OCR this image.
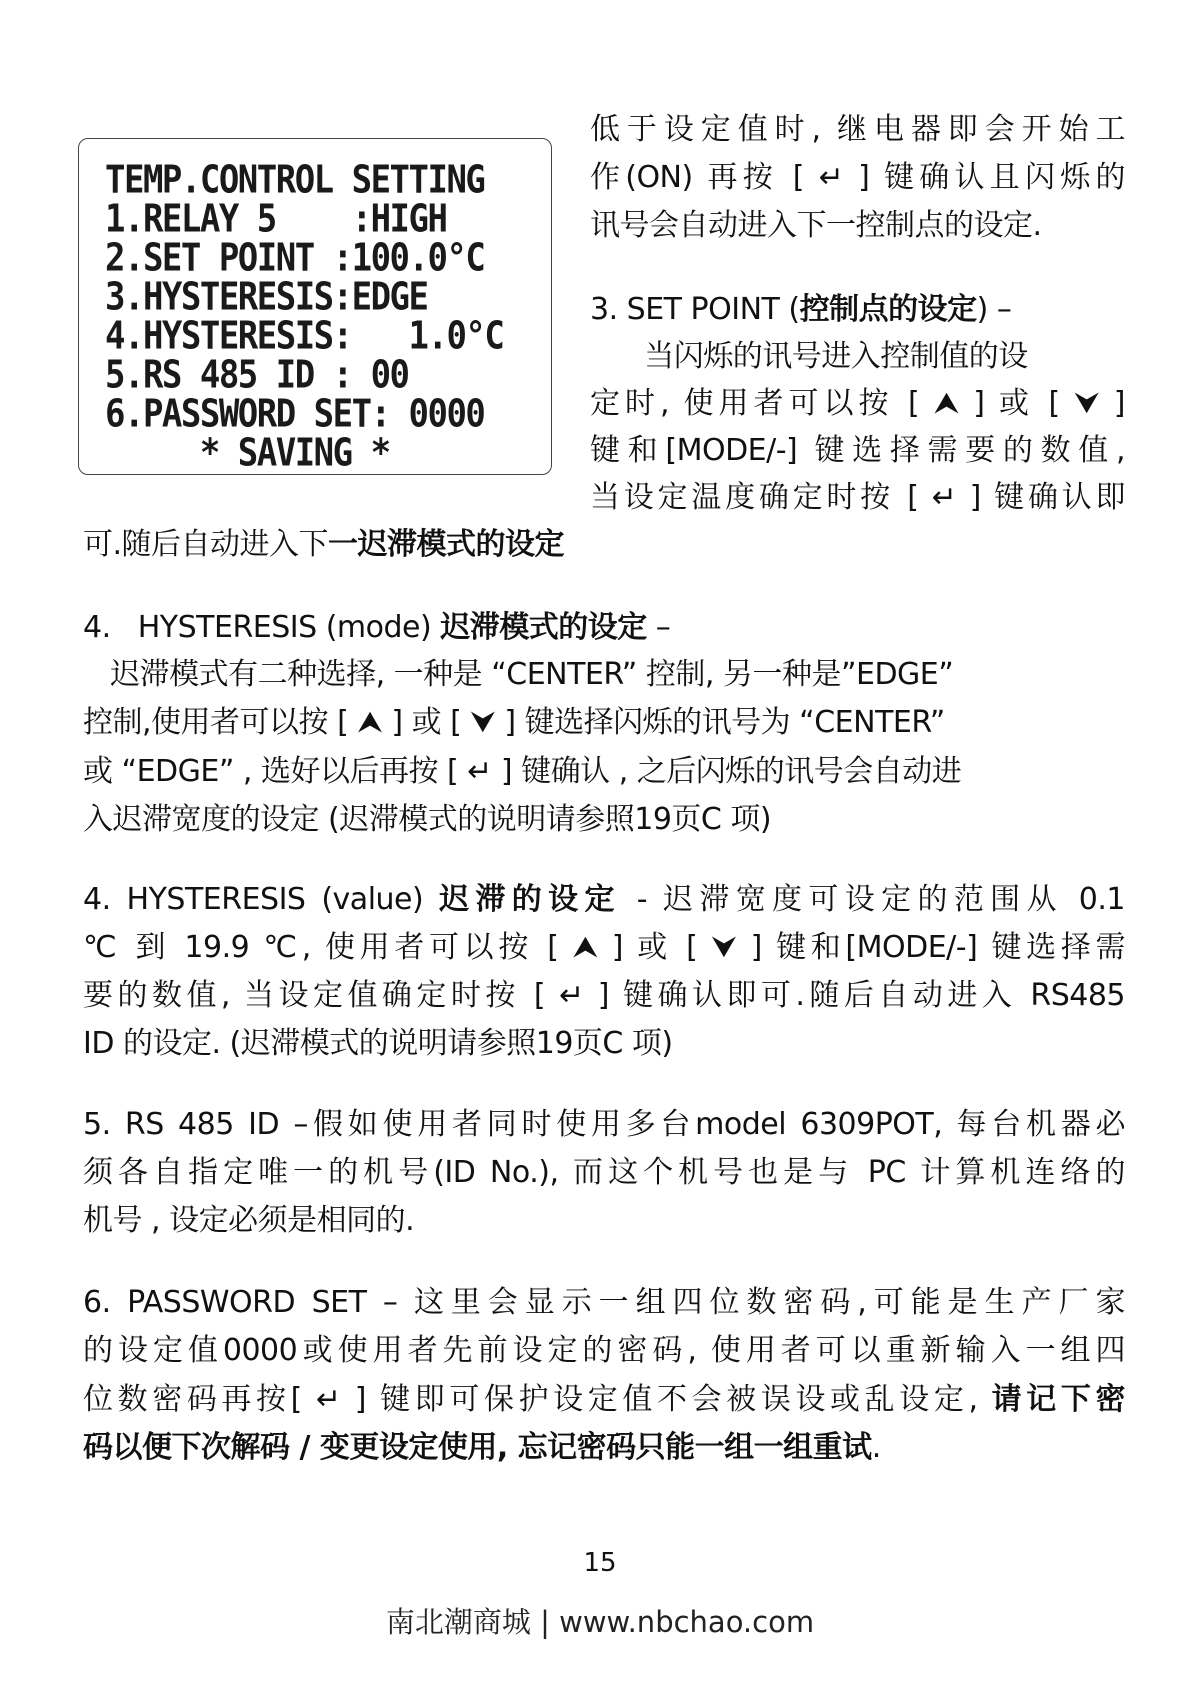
TEMP.CONTROL SETTING
1.RELAY 5    :HIGH
2.SET POINT :100.0°C
3.HYSTERESIS:EDGE
4.HYSTERESIS:   1.0°C
5.RS 485 ID : 00
6.PASSWORD SET: 0000
* SAVING *
低于设定值时, 继电器即会开始工
作(ON) 再按 [ ↵ ] 键确认且闪烁的
讯号会自动进入下一控制点的设定.
3. SET POINT (控制点的设定) –
当闪烁的讯号进入控制值的设
定时, 使用者可以按 [ ⮝ ] 或 [ ⮟ ]
键和[MODE/-] 键选择需要的数值,
当设定温度确定时按 [ ↵ ] 键确认即
可.随后自动进入下一迟滞模式的设定
4.   HYSTERESIS (mode) 迟滞模式的设定 –
迟滞模式有二种选择, 一种是 “CENTER” 控制, 另一种是”EDGE”
控制,使用者可以按 [ ⮝ ] 或 [ ⮟ ] 键选择闪烁的讯号为 “CENTER”
或 “EDGE” , 选好以后再按 [ ↵ ] 键确认 , 之后闪烁的讯号会自动进
入迟滞宽度的设定 (迟滞模式的说明请参照19页C 项)
4. HYSTERESIS (value) 迟滞的设定 - 迟滞宽度可设定的范围从 0.1
℃ 到 19.9 ℃, 使用者可以按 [ ⮝ ] 或 [ ⮟ ] 键和[MODE/-] 键选择需
要的数值, 当设定值确定时按 [ ↵ ] 键确认即可.随后自动进入 RS485
ID 的设定. (迟滞模式的说明请参照19页C 项)
5. RS 485 ID –假如使用者同时使用多台model 6309POT, 每台机器必
须各自指定唯一的机号(ID No.), 而这个机号也是与 PC 计算机连络的
机号 , 设定必须是相同的.
6. PASSWORD SET – 这里会显示一组四位数密码,可能是生产厂家
的设定值0000或使用者先前设定的密码, 使用者可以重新输入一组四
位数密码再按[ ↵ ] 键即可保护设定值不会被误设或乱设定, 请记下密
码以便下次解码 / 变更设定使用, 忘记密码只能一组一组重试.
15
南北潮商城 | www.nbchao.com
